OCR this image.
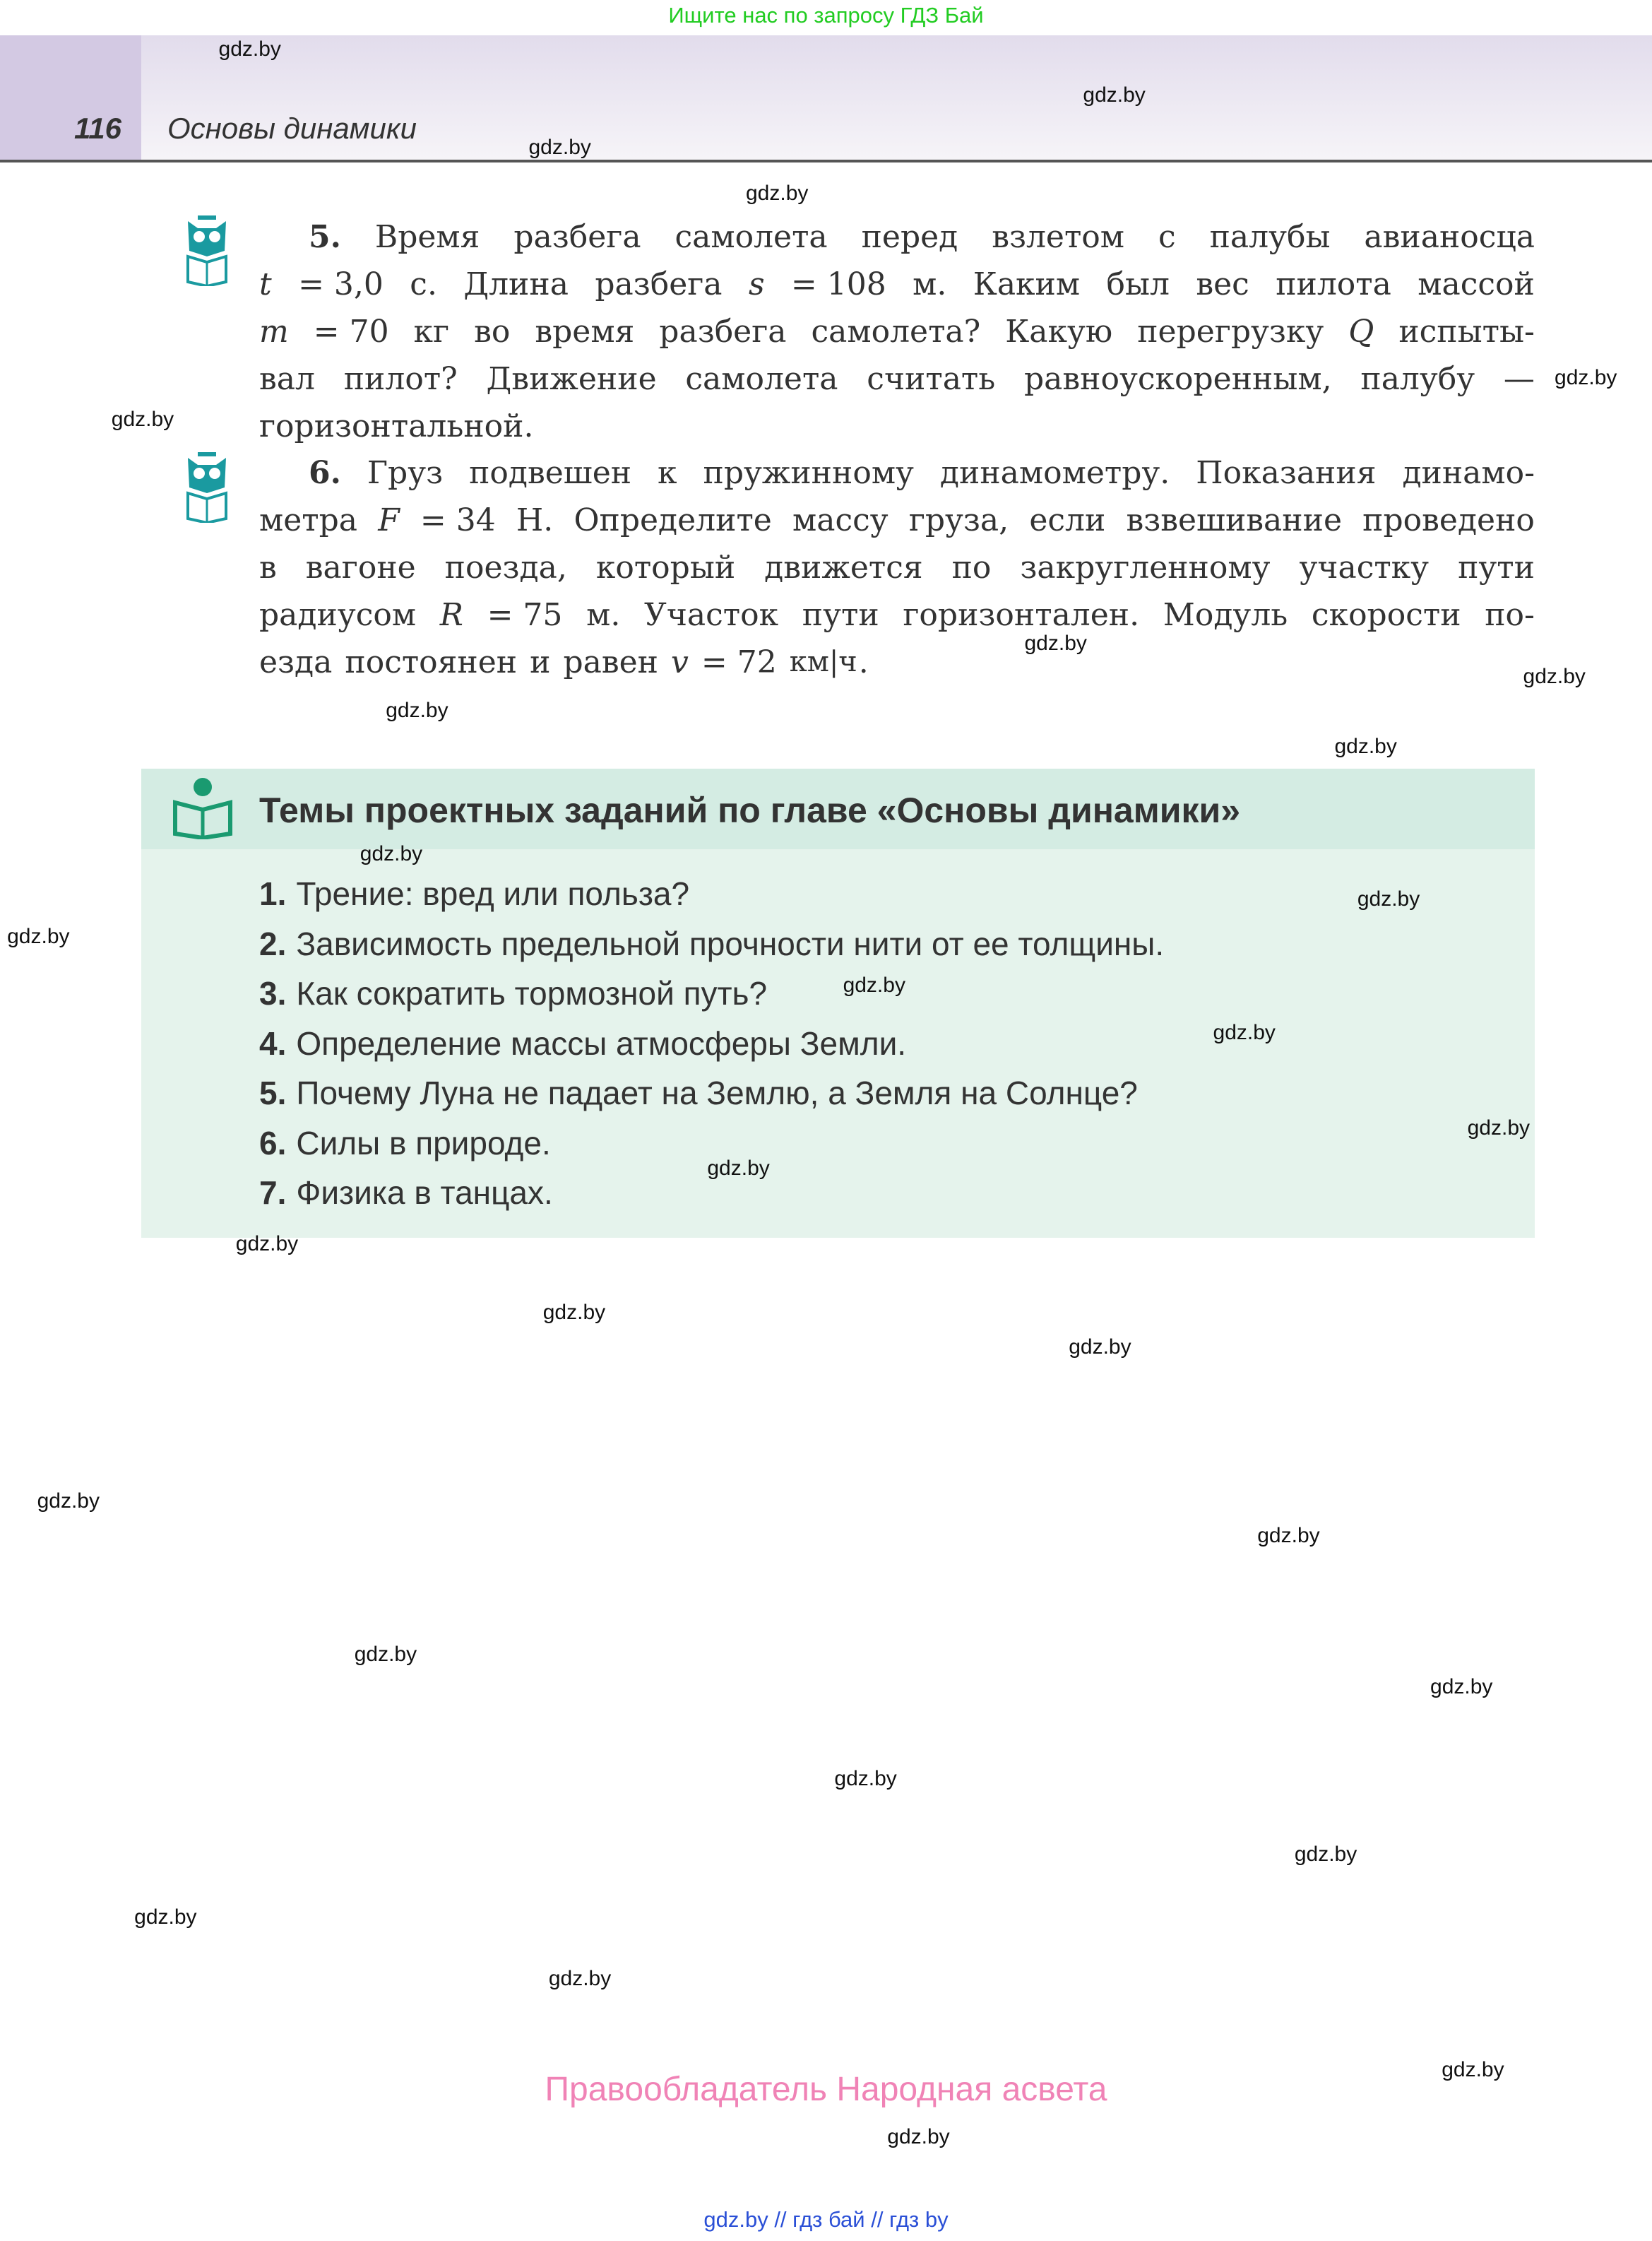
Ищите нас по запросу ГДЗ Бай
116 Основы динамики
5. Время разбега самолета перед взлетом с палубы авианосца
t = 3,0 с. Длина разбега s = 108 м. Каким был вес пилота массой
m = 70 кг во время разбега самолета? Какую перегрузку Q испыты-
вал пилот? Движение самолета считать равноускоренным, палубу —
горизонтальной.
6. Груз подвешен к пружинному динамометру. Показания динамо-
метра F = 34 Н. Определите массу груза, если взвешивание проведено
в вагоне поезда, который движется по закругленному участку пути
радиусом R = 75 м. Участок пути горизонтален. Модуль скорости по-
езда постоянен и равен v = 72 км|ч .
Темы проектных заданий по главе «Основы динамики»
1. Трение: вред или польза?
2. Зависимость предельной прочности нити от ее толщины.
3. Как сократить тормозной путь?
4. Определение массы атмосферы Земли.
5. Почему Луна не падает на Землю, а Земля на Солнце?
6. Силы в природе.
7. Физика в танцах.
Правообладатель Народная асвета
gdz.by // гдз бай // гдз by
gdz.by
gdz.by
gdz.by
gdz.by
gdz.by
gdz.by
gdz.by
gdz.by
gdz.by
gdz.by
gdz.by
gdz.by
gdz.by
gdz.by
gdz.by
gdz.by
gdz.by
gdz.by
gdz.by
gdz.by
gdz.by
gdz.by
gdz.by
gdz.by
gdz.by
gdz.by
gdz.by
gdz.by
gdz.by
gdz.by
